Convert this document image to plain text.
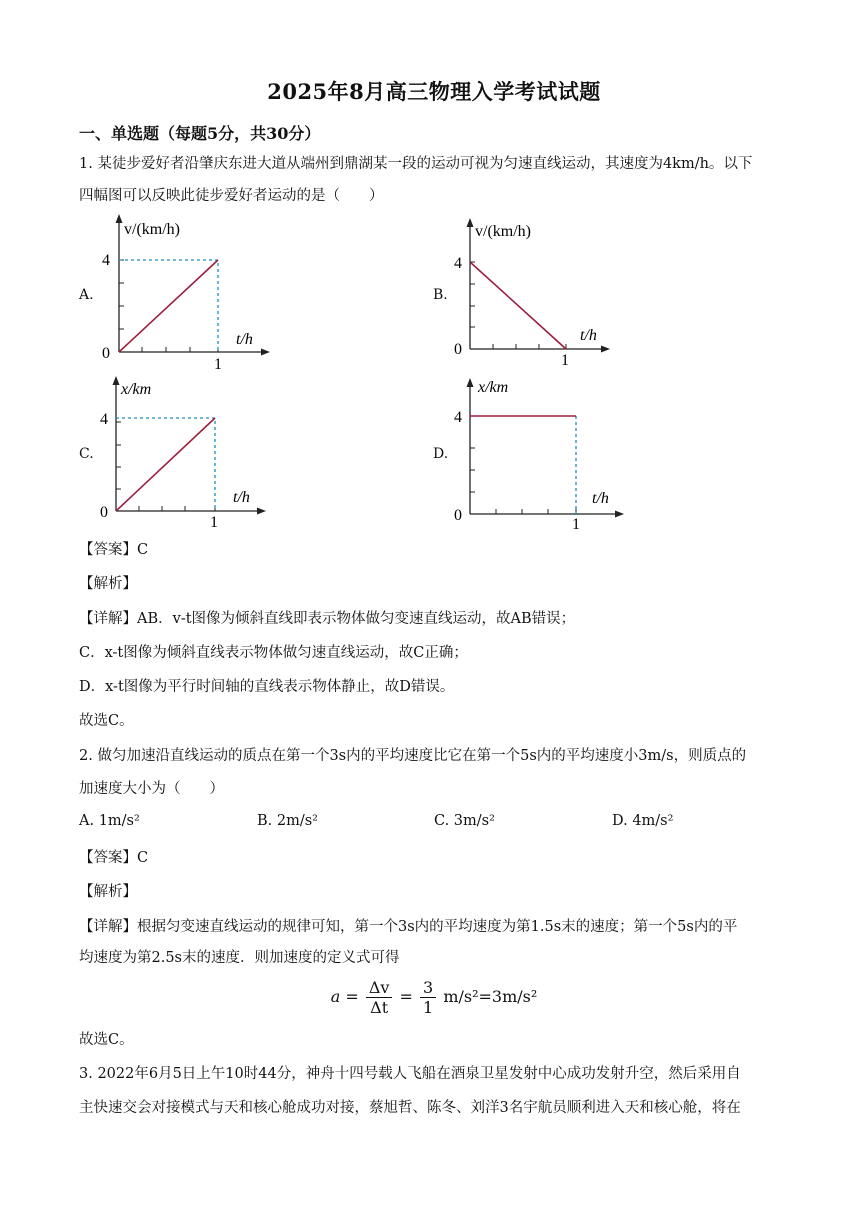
2025年8月高三物理入学考试试题
一、单选题（每题5分，共30分）
1. 某徒步爱好者沿肇庆东进大道从端州到鼎湖某一段的运动可视为匀速直线运动，其速度为4km/h。以下
四幅图可以反映此徒步爱好者运动的是（　　）
A.
v/(km/h)
t/h
4
1
0
B.
v/(km/h)
t/h
4
1
0
C.
x/km
t/h
4
1
0
D.
x/km
t/h
4
1
0
【答案】C
【解析】
【详解】AB．v-t图像为倾斜直线即表示物体做匀变速直线运动，故AB错误；
C．x-t图像为倾斜直线表示物体做匀速直线运动，故C正确；
D．x-t图像为平行时间轴的直线表示物体静止，故D错误。
故选C。
2. 做匀加速沿直线运动的质点在第一个3s内的平均速度比它在第一个5s内的平均速度小3m/s，则质点的
加速度大小为（　　）
A. 1m/s²	B. 2m/s²	C. 3m/s²	D. 4m/s²
【答案】C
【解析】
【详解】根据匀变速直线运动的规律可知，第一个3s内的平均速度为第1.5s末的速度；第一个5s内的平
均速度为第2.5s末的速度．则加速度的定义式可得
$a = \frac{\Delta v}{\Delta t} = \frac{3}{1} m/s^2=3m/s^2$
故选C。
3. 2022年6月5日上午10时44分，神舟十四号载人飞船在酒泉卫星发射中心成功发射升空，然后采用自
主快速交会对接模式与天和核心舱成功对接，蔡旭哲、陈冬、刘洋3名宇航员顺利进入天和核心舱，将在
